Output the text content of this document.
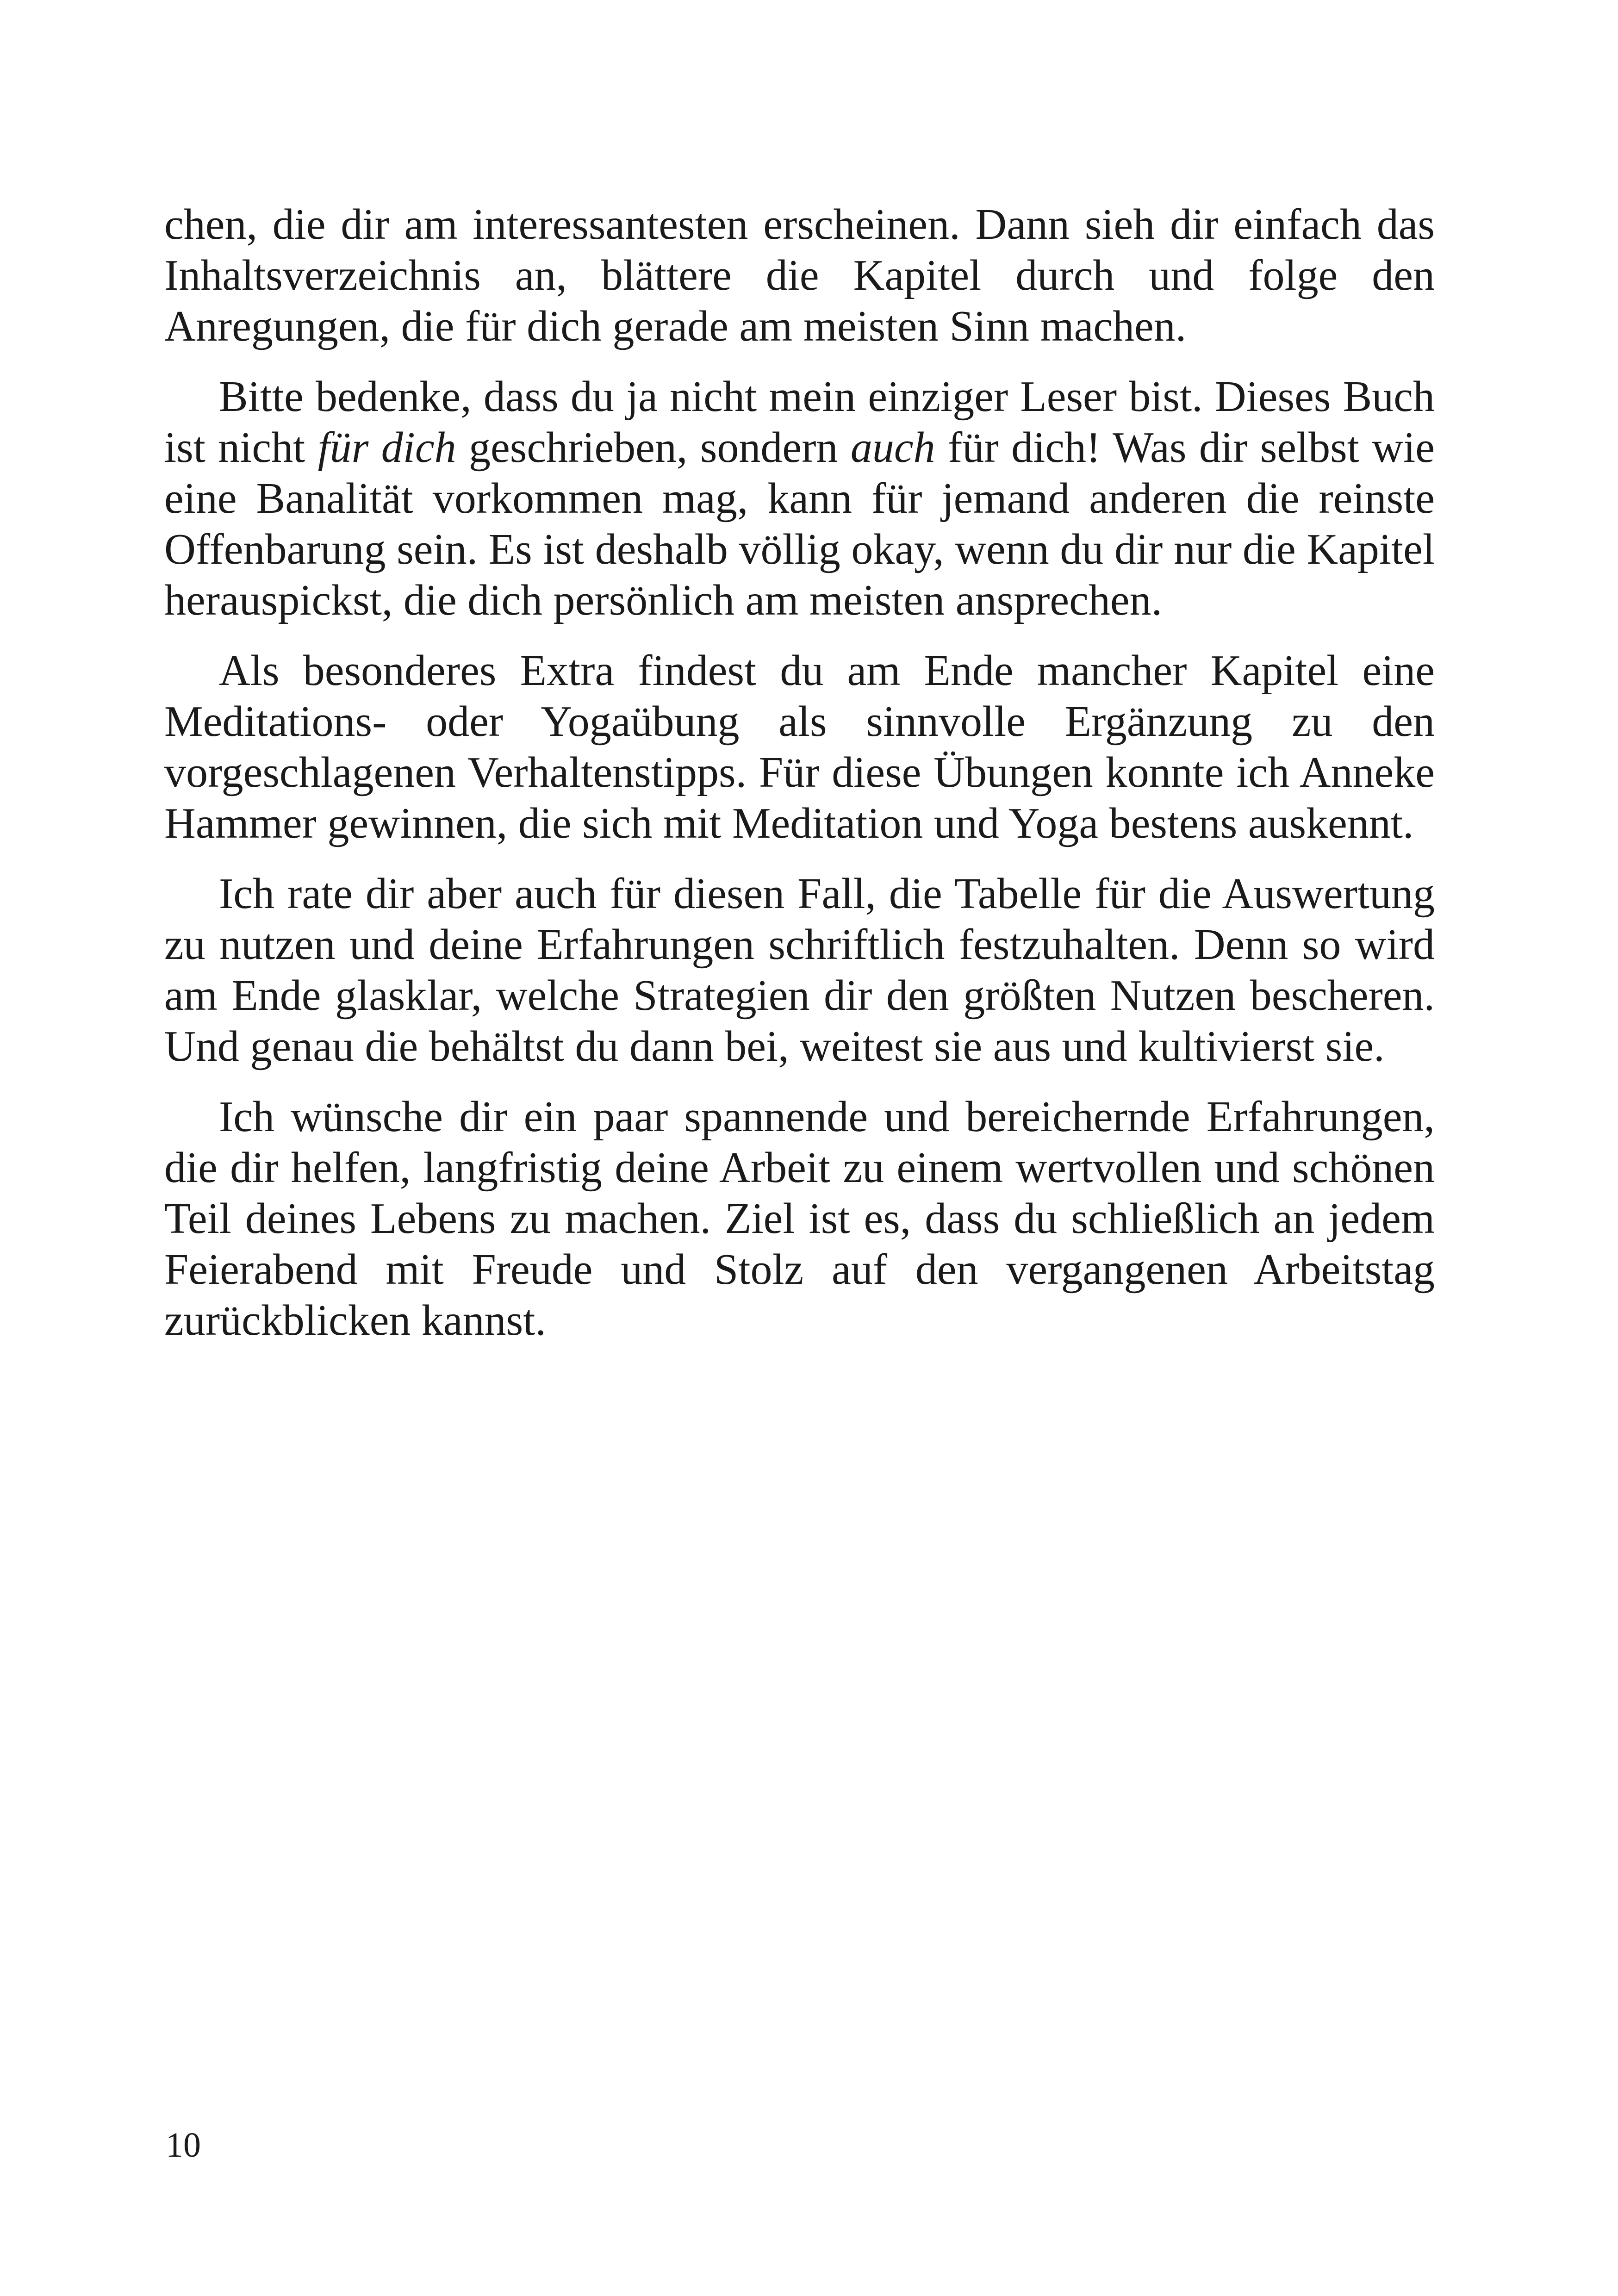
chen, die dir am interessantesten erscheinen. Dann sieh dir einfach das Inhaltsverzeichnis an, blättere die Kapitel durch und folge den Anregungen, die für dich gerade am meisten Sinn machen.

Bitte bedenke, dass du ja nicht mein einziger Leser bist. Dieses Buch ist nicht für dich geschrieben, sondern auch für dich! Was dir selbst wie eine Banalität vorkommen mag, kann für jemand anderen die reinste Offenbarung sein. Es ist deshalb völlig okay, wenn du dir nur die Kapitel herauspickst, die dich persönlich am meisten ansprechen.

Als besonderes Extra findest du am Ende mancher Kapitel eine Meditations- oder Yogaübung als sinnvolle Ergänzung zu den vorgeschlagenen Verhaltenstipps. Für diese Übungen konnte ich Anneke Hammer gewinnen, die sich mit Meditation und Yoga bestens auskennt.

Ich rate dir aber auch für diesen Fall, die Tabelle für die Auswertung zu nutzen und deine Erfahrungen schriftlich festzuhalten. Denn so wird am Ende glasklar, welche Strategien dir den größten Nutzen bescheren. Und genau die behältst du dann bei, weitest sie aus und kultivierst sie.

Ich wünsche dir ein paar spannende und bereichernde Erfahrungen, die dir helfen, langfristig deine Arbeit zu einem wertvollen und schönen Teil deines Lebens zu machen. Ziel ist es, dass du schließlich an jedem Feierabend mit Freude und Stolz auf den vergangenen Arbeitstag zurückblicken kannst.

10
